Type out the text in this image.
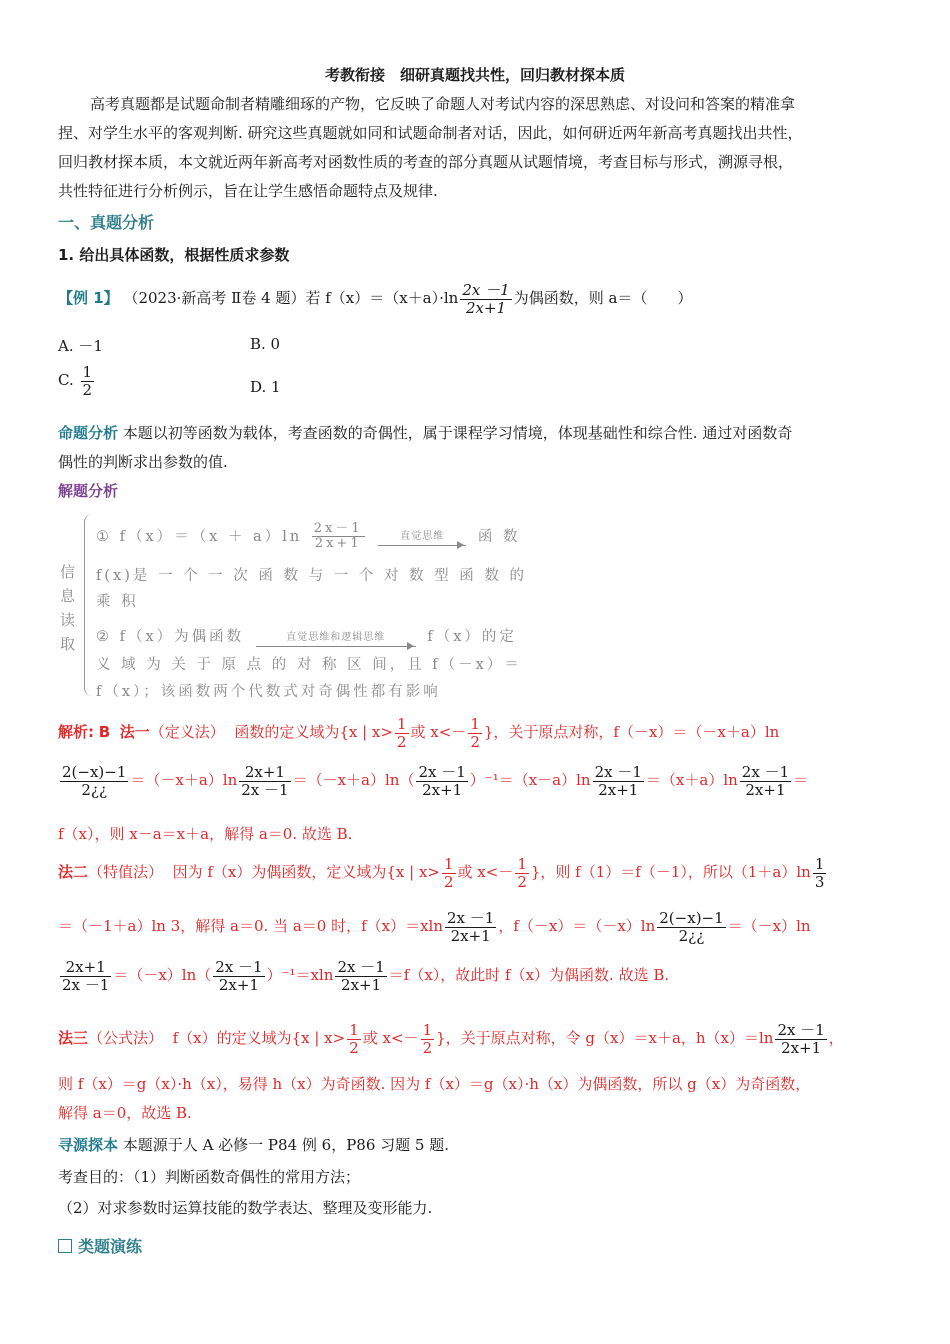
考教衔接　细研真题找共性，回归教材探本质
高考真题都是试题命制者精雕细琢的产物，它反映了命题人对考试内容的深思熟虑、对设问和答案的精准拿
捏、对学生水平的客观判断. 研究这些真题就如同和试题命制者对话，因此，如何研近两年新高考真题找出共性，
回归教材探本质，本文就近两年新高考对函数性质的考查的部分真题从试题情境，考查目标与形式，溯源寻根，
共性特征进行分析例示，旨在让学生感悟命题特点及规律.
一、真题分析
1. 给出具体函数，根据性质求参数
【例 1】 （2023·新高考 Ⅱ卷 4 题）若 $f(x)=(x+a)\cdot\ln \frac{2x -1}{2x+1}$ 为偶函数，则 a＝（　　）
A. －1	B. 0
C. $\frac{1}{2}$	D. 1
命题分析 本题以初等函数为载体，考查函数的奇偶性，属于课程学习情境，体现基础性和综合性. 通过对函数奇
偶性的判断求出参数的值.
解题分析
信息读取
① $f(x)=(x + a)\ln \frac{2x-1}{2x+1}$	直觉思维 函 数
f(x)是 一 个 一 次 函 数 与 一 个 对 数 型 函 数 的
乘 积
② f（x）为偶函数	直觉思维和逻辑思维	f（x）的定
义 域 为 关 于 原 点 的 对 称 区 间，且 f（－x）＝
f（x）；该函数两个代数式对奇偶性都有影响
解析: B 法一（定义法） 函数的定义域为{x | $x> \frac{1}{2}$ 或 $x<- \frac{1}{2}$ }，关于原点对称，f（－x）＝（－x＋a）ln
$\frac{2(-x)-1}{2¿¿} =(-x+a)\ln \frac{2x+1}{2x -1} =(-x+a)\ln( \frac{2x -1}{2x+1} )^{-1}=(x-a)\ln \frac{2x -1}{2x+1} =(x+a)\ln \frac{2x -1}{2x+1}$ ＝
f（x），则 x－a＝x＋a，解得 a＝0. 故选 B.
法二（特值法） 因为 f（x）为偶函数，定义域为{x | $x> \frac{1}{2}$ 或 $x<- \frac{1}{2}$ }，则 f（1）＝f（－1），所以$(1+a)\ln \frac{1}{3}$
＝（－1＋a）ln 3，解得 a＝0. 当 a＝0 时，$f(x)=xln \frac{2x -1}{2x+1}$ ，$f(-x)=(-x)\ln \frac{2(-x)-1}{2¿¿} =(-x)\ln$
$\frac{2x+1}{2x -1} =(-x)\ln( \frac{2x -1}{2x+1} )^{-1}=xln \frac{2x -1}{2x+1} =f(x)$，故此时 f（x）为偶函数. 故选 B.
法三（公式法） f（x）的定义域为{x | $x> \frac{1}{2}$ 或 $x<- \frac{1}{2}$ }，关于原点对称，令 g（x）＝x＋a，$h(x)=\ln \frac{2x -1}{2x+1}$ ，
则 f（x）＝g（x）·h（x），易得 h（x）为奇函数. 因为 f（x）＝g（x）·h（x）为偶函数，所以 g（x）为奇函数，
解得 a＝0，故选 B.
寻源探本 本题源于人 A 必修一 P84 例 6，P86 习题 5 题.
考查目的：（1）判断函数奇偶性的常用方法；
（2）对求参数时运算技能的数学表达、整理及变形能力.
类题演练
